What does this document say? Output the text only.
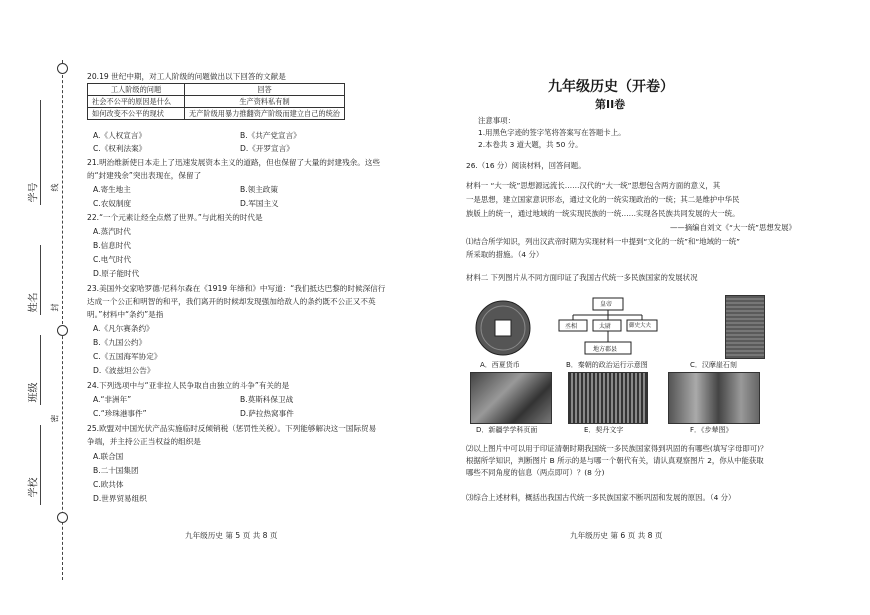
学号
姓名
班级
学校
线
封
密
20.19 世纪中期，对工人阶级的问题做出以下回答的文献是
工人阶级的问题	回答
社会不公平的原因是什么	生产资料私有制
如何改变不公平的现状	无产阶级用暴力推翻资产阶级而建立自己的统治
A.《人权宣言》	B.《共产党宣言》
C.《权利法案》	D.《开罗宣言》
21.明治维新使日本走上了迅速发展资本主义的道路，但也保留了大量的封建残余。这些
的“封建残余”突出表现在，保留了
A.寄生地主	B.领主政策
C.农奴制度	D.军国主义
22.“一个元素让经全点燃了世界。”与此相关的时代是
A.蒸汽时代
B.信息时代
C.电气时代
D.原子能时代
23.美国外交家哈罗德·尼科尔森在《1919 年缔和》中写道：“我们抵达巴黎的时候深信行
达成一个公正和明智的和平，我们离开的时候却发现强加给敌人的条约既不公正又不英
明。”材料中“条约”是指
A.《凡尔赛条约》
B.《九国公约》
C.《五国海军协定》
D.《波兹坦公告》
24.下列选项中与“亚非拉人民争取自由独立的斗争”有关的是
A.“非洲年”	B.莫斯科保卫战
C.“珍珠港事件”	D.萨拉热窝事件
25.欧盟对中国光伏产品实施临时反倾销税（惩罚性关税）。下列能够解决这一国际贸易
争端，并主持公正当权益的组织是
A.联合国
B.二十国集团
C.欧共体
D.世界贸易组织
九年级历史 第 5 页 共 8 页
九年级历史（开卷）
第II卷
注意事项：
1.用黑色字迹的签字笔将答案写在答题卡上。
2.本卷共 3 道大题，共 50 分。
26.（16 分）阅读材料，回答问题。
材料一 “大一统”思想源远流长……汉代的“大一统”思想包含两方面的意义，其
一是思想，建立国家意识形态，通过文化的一统实现政治的一统；其二是维护中华民
族版上的统一，通过地域的一统实现民族的一统……实现各民族共同发展的大一统。
——摘编自刘文《“大一统”思想发展》
⑴结合所学知识，列出汉武帝时期为实现材料一中提到“文化的一统”和“地域的一统”
所采取的措施。（4 分）
材料二 下列图片从不同方面印证了我国古代统一多民族国家的发展状况
皇帝
丞相	太尉	御史大夫
地方郡县
A．西夏货币	B．秦朝的政治运行示意图	C．汉摩崖石刻
D．新疆学学科页面	E．契丹文字	F．《步辇图》
⑵以上图片中可以用于印证清朝时期我国统一多民族国家得到巩固的有哪些(填写字母即可)？
根据所学知识，判断图片 B 所示的是与哪一个朝代有关，请认真观察图片 2，你从中能获取
哪些不同角度的信息（两点即可）？(8 分)
⑶综合上述材料，概括出我国古代统一多民族国家不断巩固和发展的原因。（4 分）
九年级历史 第 6 页 共 8 页
